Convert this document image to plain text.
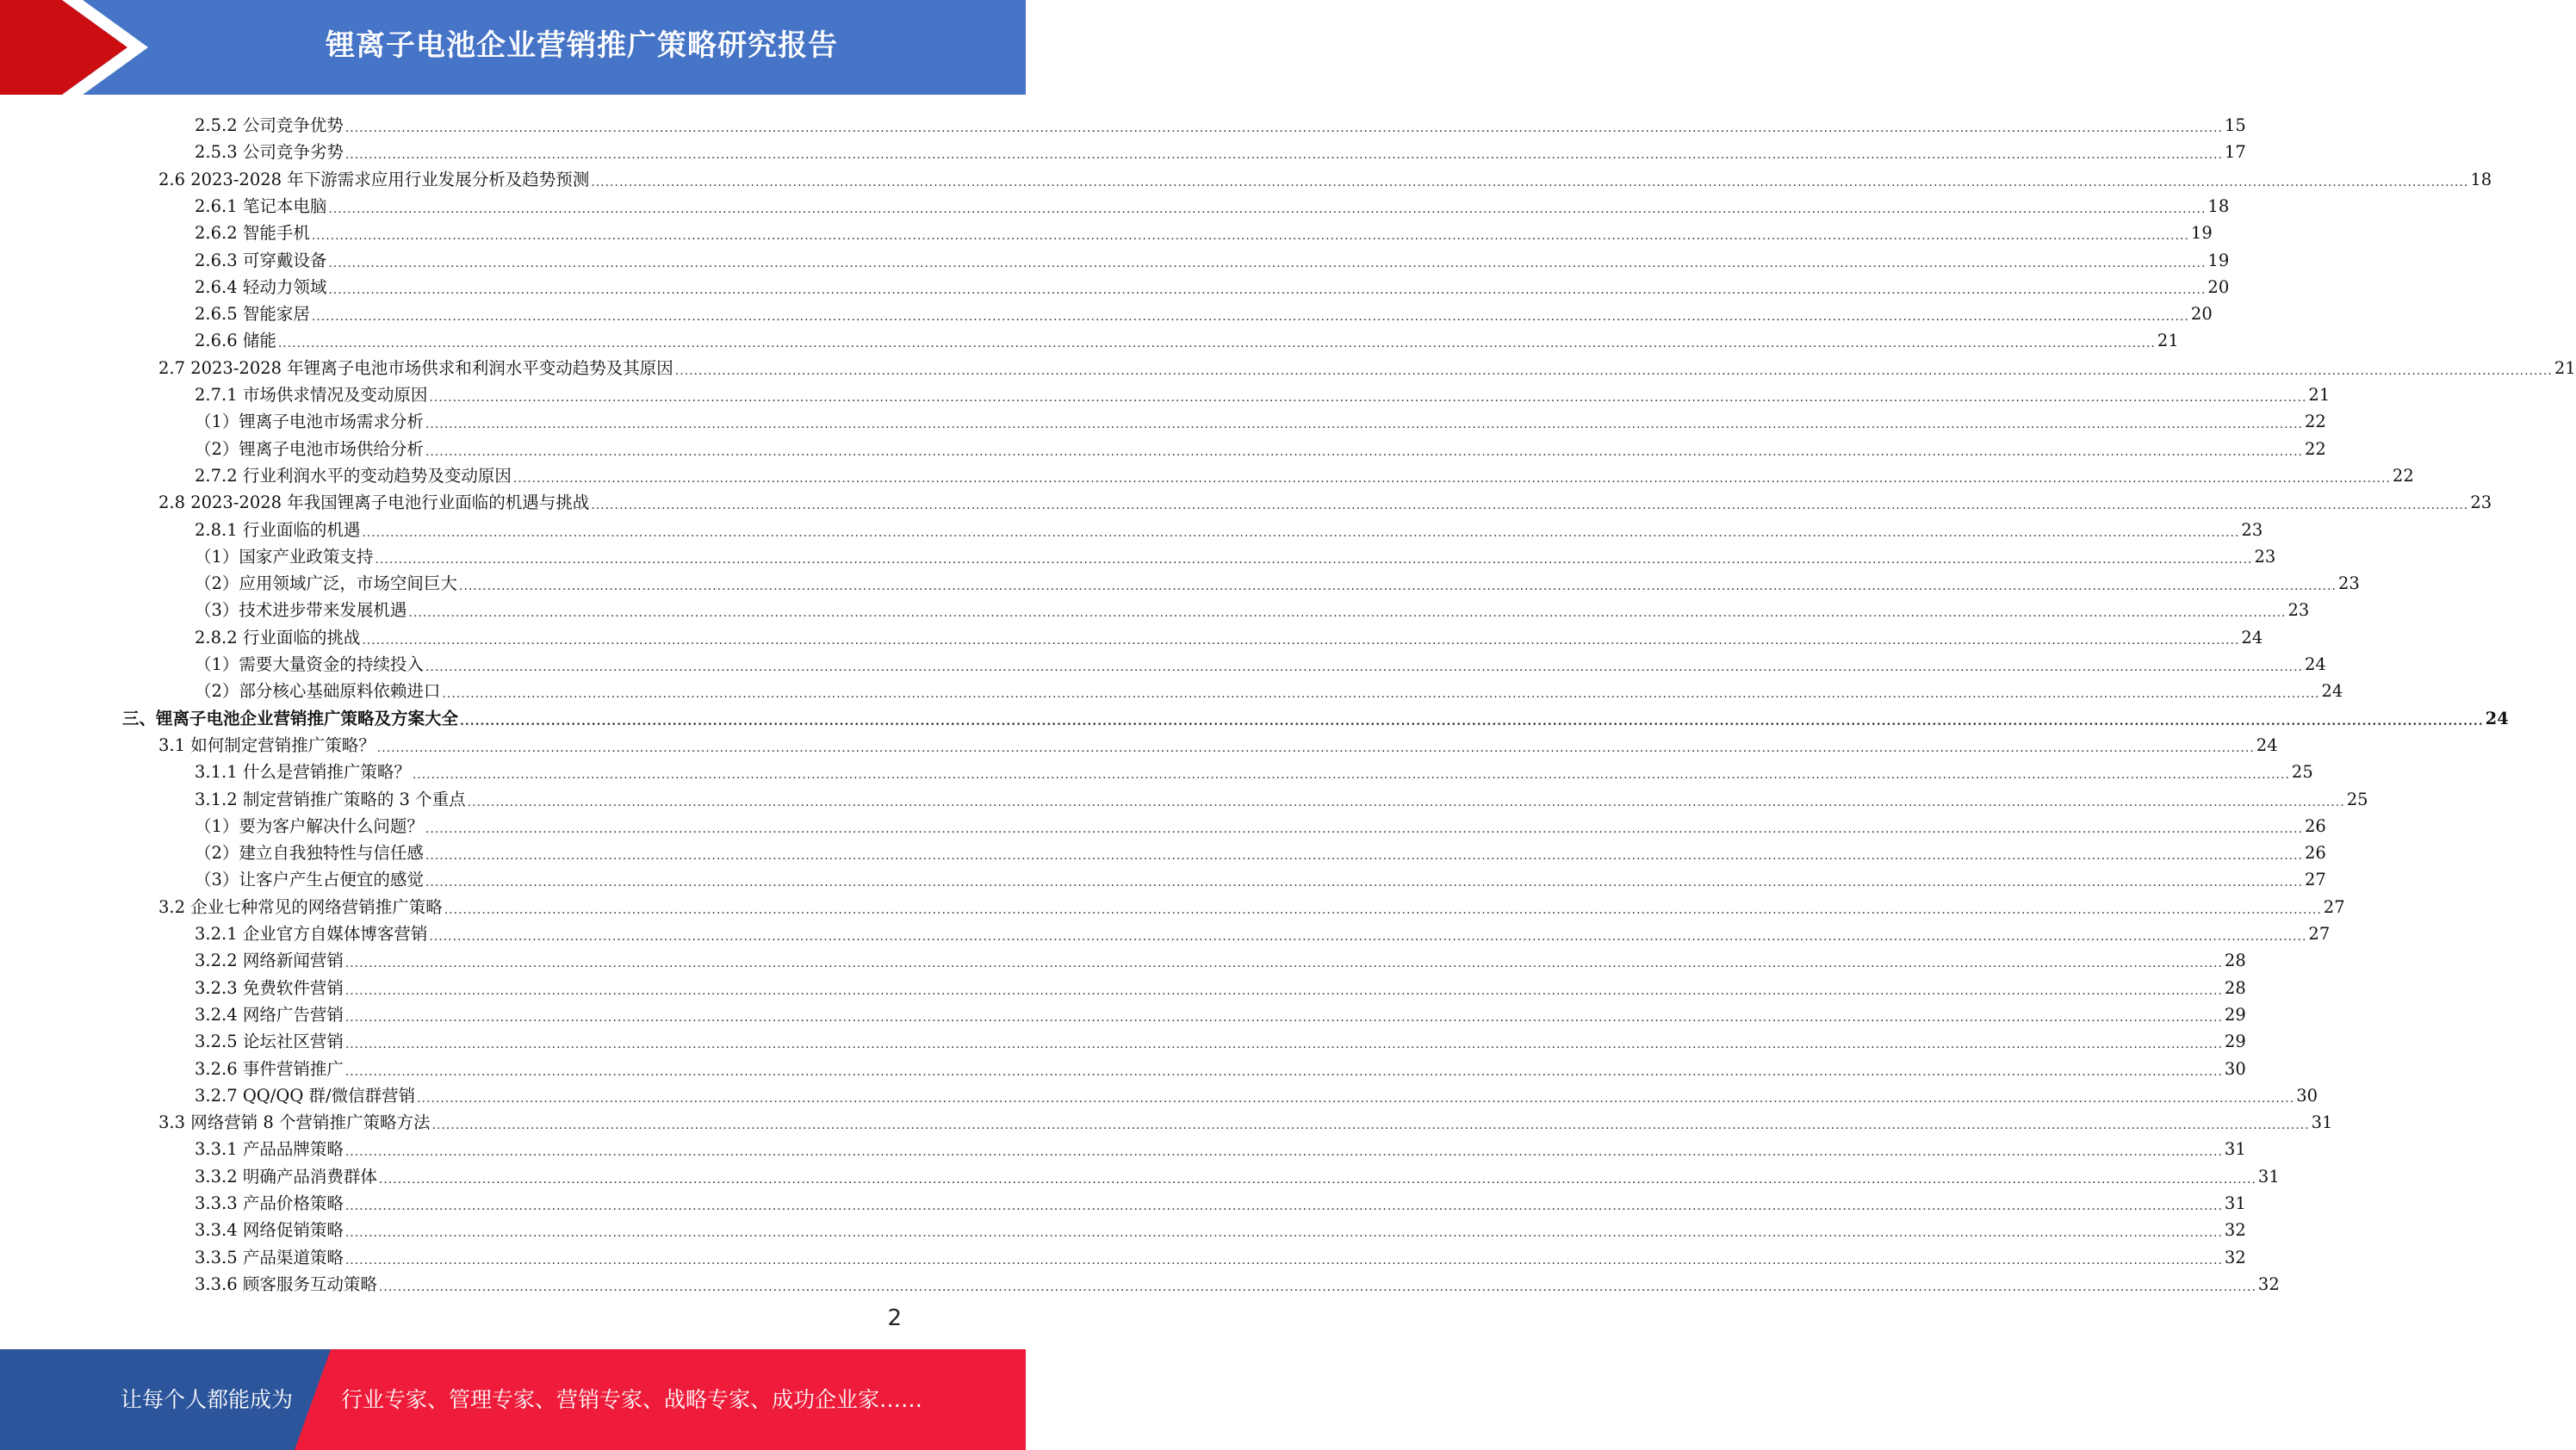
锂离子电池企业营销推广策略研究报告
2.5.2 公司竞争优势 ................................................................................................................................................................................................................................................................................................................................................................................................................ 15
2.5.3 公司竞争劣势 ................................................................................................................................................................................................................................................................................................................................................................................................................ 17
2.6 2023-2028 年下游需求应用行业发展分析及趋势预测 ................................................................................................................................................................................................................................................................................................................................................................................................................ 18
2.6.1 笔记本电脑 ................................................................................................................................................................................................................................................................................................................................................................................................................ 18
2.6.2 智能手机 ................................................................................................................................................................................................................................................................................................................................................................................................................ 19
2.6.3 可穿戴设备 ................................................................................................................................................................................................................................................................................................................................................................................................................ 19
2.6.4 轻动力领域 ................................................................................................................................................................................................................................................................................................................................................................................................................ 20
2.6.5 智能家居 ................................................................................................................................................................................................................................................................................................................................................................................................................ 20
2.6.6 储能 ................................................................................................................................................................................................................................................................................................................................................................................................................ 21
2.7 2023-2028 年锂离子电池市场供求和利润水平变动趋势及其原因 ................................................................................................................................................................................................................................................................................................................................................................................................................ 21
2.7.1 市场供求情况及变动原因 ................................................................................................................................................................................................................................................................................................................................................................................................................ 21
（1）锂离子电池市场需求分析 ................................................................................................................................................................................................................................................................................................................................................................................................................ 22
（2）锂离子电池市场供给分析 ................................................................................................................................................................................................................................................................................................................................................................................................................ 22
2.7.2 行业利润水平的变动趋势及变动原因 ................................................................................................................................................................................................................................................................................................................................................................................................................ 22
2.8 2023-2028 年我国锂离子电池行业面临的机遇与挑战 ................................................................................................................................................................................................................................................................................................................................................................................................................ 23
2.8.1 行业面临的机遇 ................................................................................................................................................................................................................................................................................................................................................................................................................ 23
（1）国家产业政策支持 ................................................................................................................................................................................................................................................................................................................................................................................................................ 23
（2）应用领域广泛，市场空间巨大 ................................................................................................................................................................................................................................................................................................................................................................................................................ 23
（3）技术进步带来发展机遇 ................................................................................................................................................................................................................................................................................................................................................................................................................ 23
2.8.2 行业面临的挑战 ................................................................................................................................................................................................................................................................................................................................................................................................................ 24
（1）需要大量资金的持续投入 ................................................................................................................................................................................................................................................................................................................................................................................................................ 24
（2）部分核心基础原料依赖进口 ................................................................................................................................................................................................................................................................................................................................................................................................................ 24
三、锂离子电池企业营销推广策略及方案大全 ................................................................................................................................................................................................................................................................................................................................................................................................................ 24
3.1 如何制定营销推广策略？ ................................................................................................................................................................................................................................................................................................................................................................................................................ 24
3.1.1 什么是营销推广策略？ ................................................................................................................................................................................................................................................................................................................................................................................................................ 25
3.1.2 制定营销推广策略的 3 个重点 ................................................................................................................................................................................................................................................................................................................................................................................................................ 25
（1）要为客户解决什么问题？ ................................................................................................................................................................................................................................................................................................................................................................................................................ 26
（2）建立自我独特性与信任感 ................................................................................................................................................................................................................................................................................................................................................................................................................ 26
（3）让客户产生占便宜的感觉 ................................................................................................................................................................................................................................................................................................................................................................................................................ 27
3.2 企业七种常见的网络营销推广策略 ................................................................................................................................................................................................................................................................................................................................................................................................................ 27
3.2.1 企业官方自媒体博客营销 ................................................................................................................................................................................................................................................................................................................................................................................................................ 27
3.2.2 网络新闻营销 ................................................................................................................................................................................................................................................................................................................................................................................................................ 28
3.2.3 免费软件营销 ................................................................................................................................................................................................................................................................................................................................................................................................................ 28
3.2.4 网络广告营销 ................................................................................................................................................................................................................................................................................................................................................................................................................ 29
3.2.5 论坛社区营销 ................................................................................................................................................................................................................................................................................................................................................................................................................ 29
3.2.6 事件营销推广 ................................................................................................................................................................................................................................................................................................................................................................................................................ 30
3.2.7 QQ/QQ 群/微信群营销 ................................................................................................................................................................................................................................................................................................................................................................................................................ 30
3.3 网络营销 8 个营销推广策略方法 ................................................................................................................................................................................................................................................................................................................................................................................................................ 31
3.3.1 产品品牌策略 ................................................................................................................................................................................................................................................................................................................................................................................................................ 31
3.3.2 明确产品消费群体 ................................................................................................................................................................................................................................................................................................................................................................................................................ 31
3.3.3 产品价格策略 ................................................................................................................................................................................................................................................................................................................................................................................................................ 31
3.3.4 网络促销策略 ................................................................................................................................................................................................................................................................................................................................................................................................................ 32
3.3.5 产品渠道策略 ................................................................................................................................................................................................................................................................................................................................................................................................................ 32
3.3.6 顾客服务互动策略 ................................................................................................................................................................................................................................................................................................................................................................................................................ 32
2
让每个人都能成为 行业专家、管理专家、营销专家、战略专家、成功企业家……
